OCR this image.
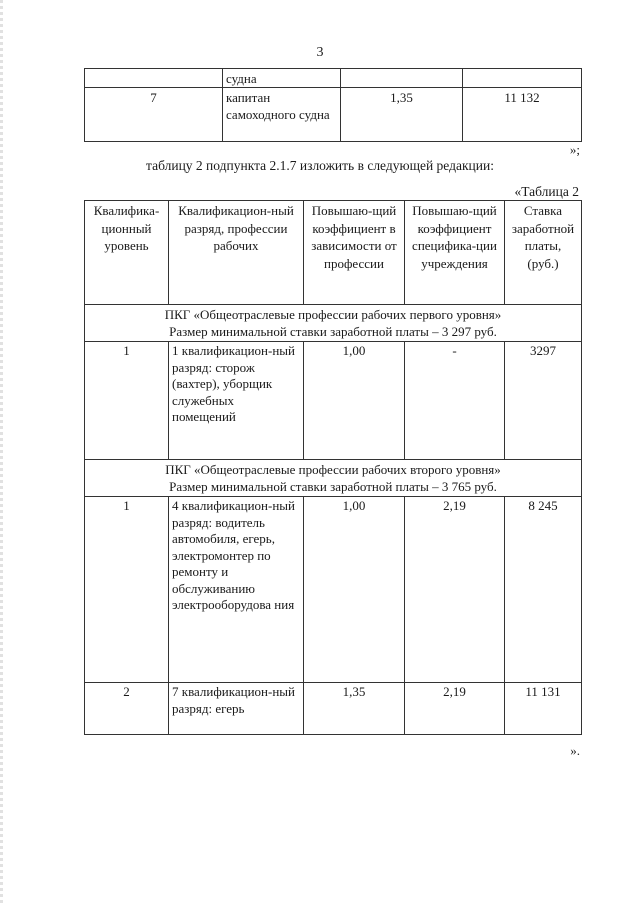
3
	судна		
7	капитан самоходного судна	1,35	11 132
»;
таблицу 2 подпункта 2.1.7 изложить в следующей редакции:
«Таблица 2
Квалифика-ционный уровень	Квалификацион-ный разряд, профессии рабочих	Повышаю-щий коэффициент в зависимости от профессии	Повышаю-щий коэффициент специфика-ции учреждения	Ставка заработной платы, (руб.)

ПКГ «Общеотраслевые профессии рабочих первого уровня»
Размер минимальной ставки заработной платы – 3 297 руб.				

1	1 квалификацион-ный разряд: сторож (вахтер), уборщик служебных помещений	1,00	-	3297

ПКГ «Общеотраслевые профессии рабочих второго уровня»
Размер минимальной ставки заработной платы – 3 765 руб.				

1	4 квалификацион-ный разряд: водитель автомобиля, егерь, электромонтер по ремонту и обслуживанию электрооборудова ния	1,00	2,19	8 245
2	7 квалификацион-ный разряд: егерь	1,35	2,19	11 131
».
